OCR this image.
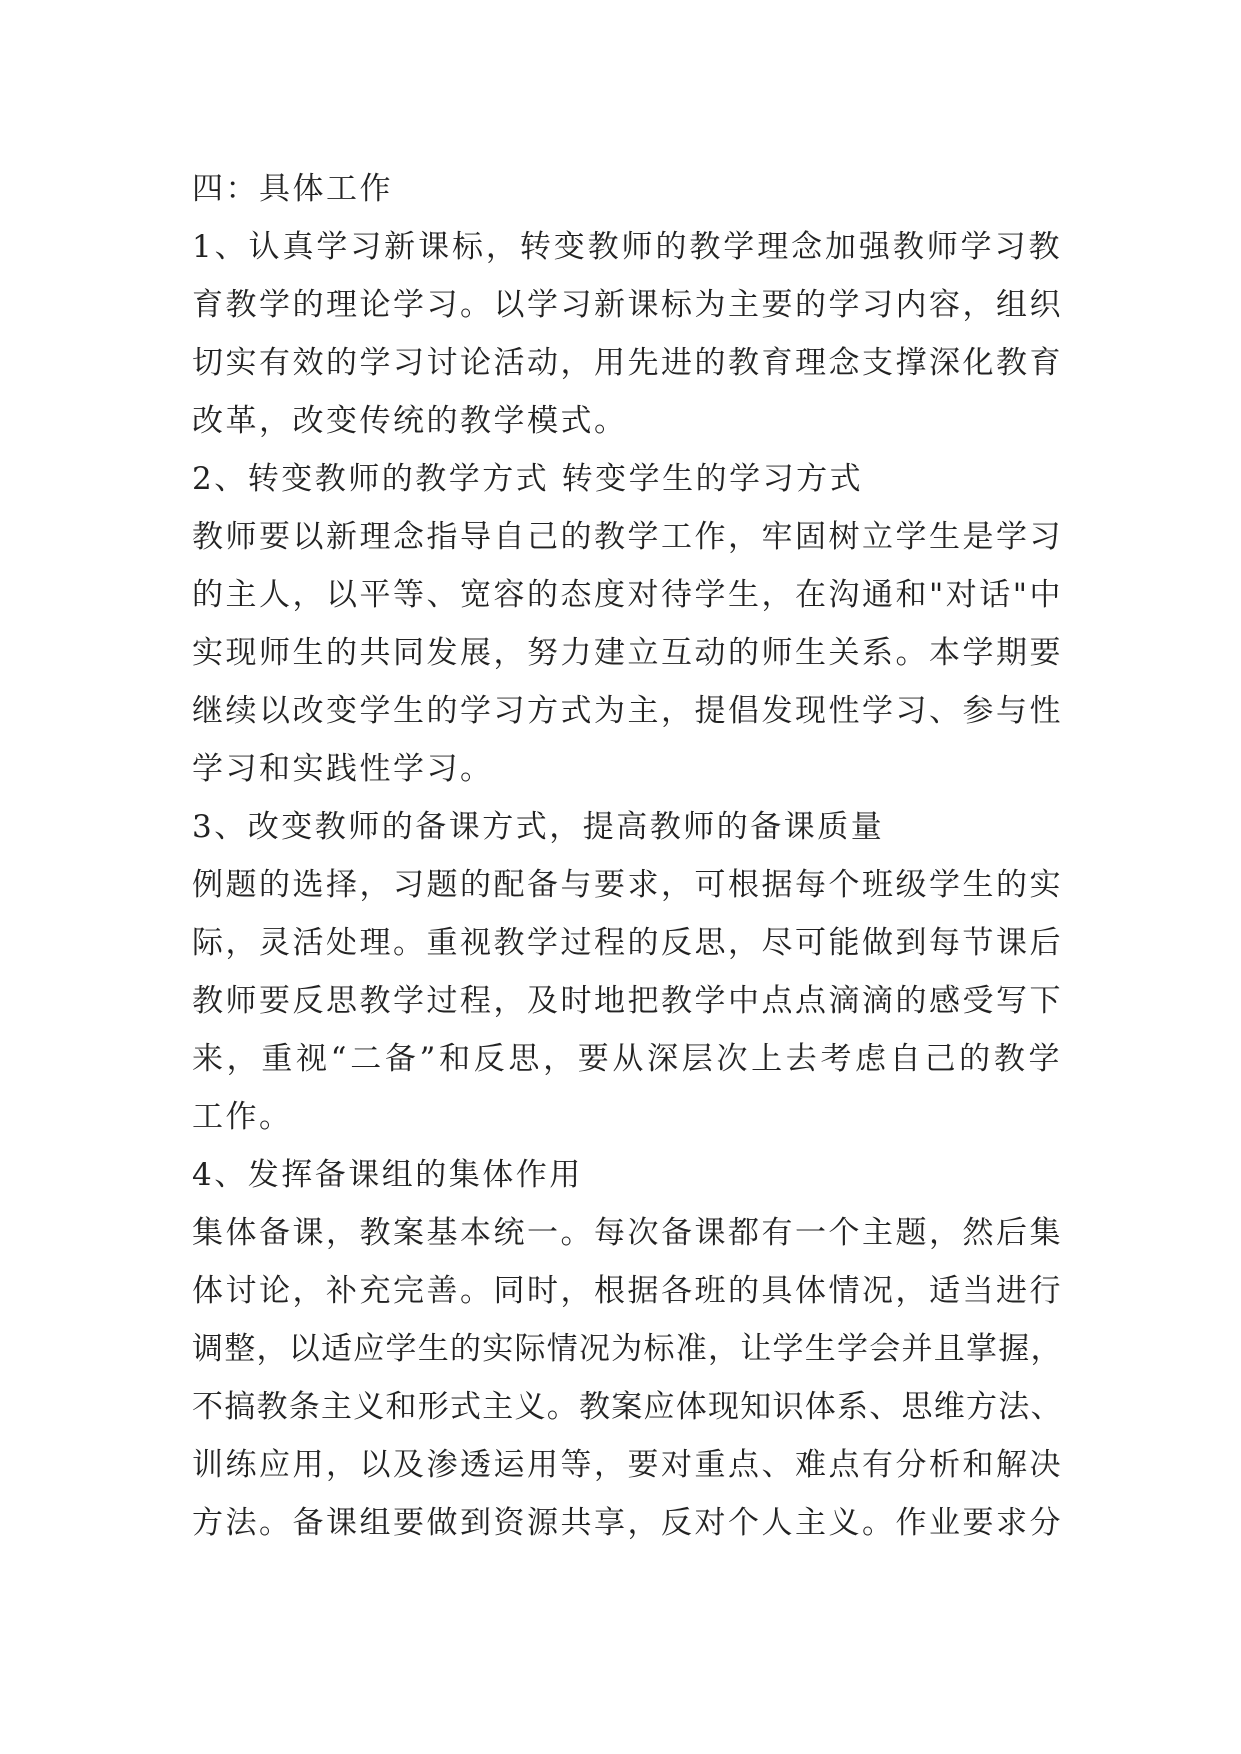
四：具体工作
1、认真学习新课标，转变教师的教学理念加强教师学习教
育教学的理论学习。以学习新课标为主要的学习内容，组织
切实有效的学习讨论活动，用先进的教育理念支撑深化教育
改革，改变传统的教学模式。
2、转变教师的教学方式 转变学生的学习方式
教师要以新理念指导自己的教学工作，牢固树立学生是学习
的主人，以平等、宽容的态度对待学生，在沟通和"对话"中
实现师生的共同发展，努力建立互动的师生关系。本学期要
继续以改变学生的学习方式为主，提倡发现性学习、参与性
学习和实践性学习。
3、改变教师的备课方式，提高教师的备课质量
例题的选择，习题的配备与要求，可根据每个班级学生的实
际，灵活处理。重视教学过程的反思，尽可能做到每节课后
教师要反思教学过程，及时地把教学中点点滴滴的感受写下
来，重视“二备”和反思，要从深层次上去考虑自己的教学
工作。
4、发挥备课组的集体作用
集体备课，教案基本统一。每次备课都有一个主题，然后集
体讨论，补充完善。同时，根据各班的具体情况，适当进行
调整，以适应学生的实际情况为标准，让学生学会并且掌握，
不搞教条主义和形式主义。教案应体现知识体系、思维方法、
训练应用，以及渗透运用等，要对重点、难点有分析和解决
方法。备课组要做到资源共享，反对个人主义。作业要求分
